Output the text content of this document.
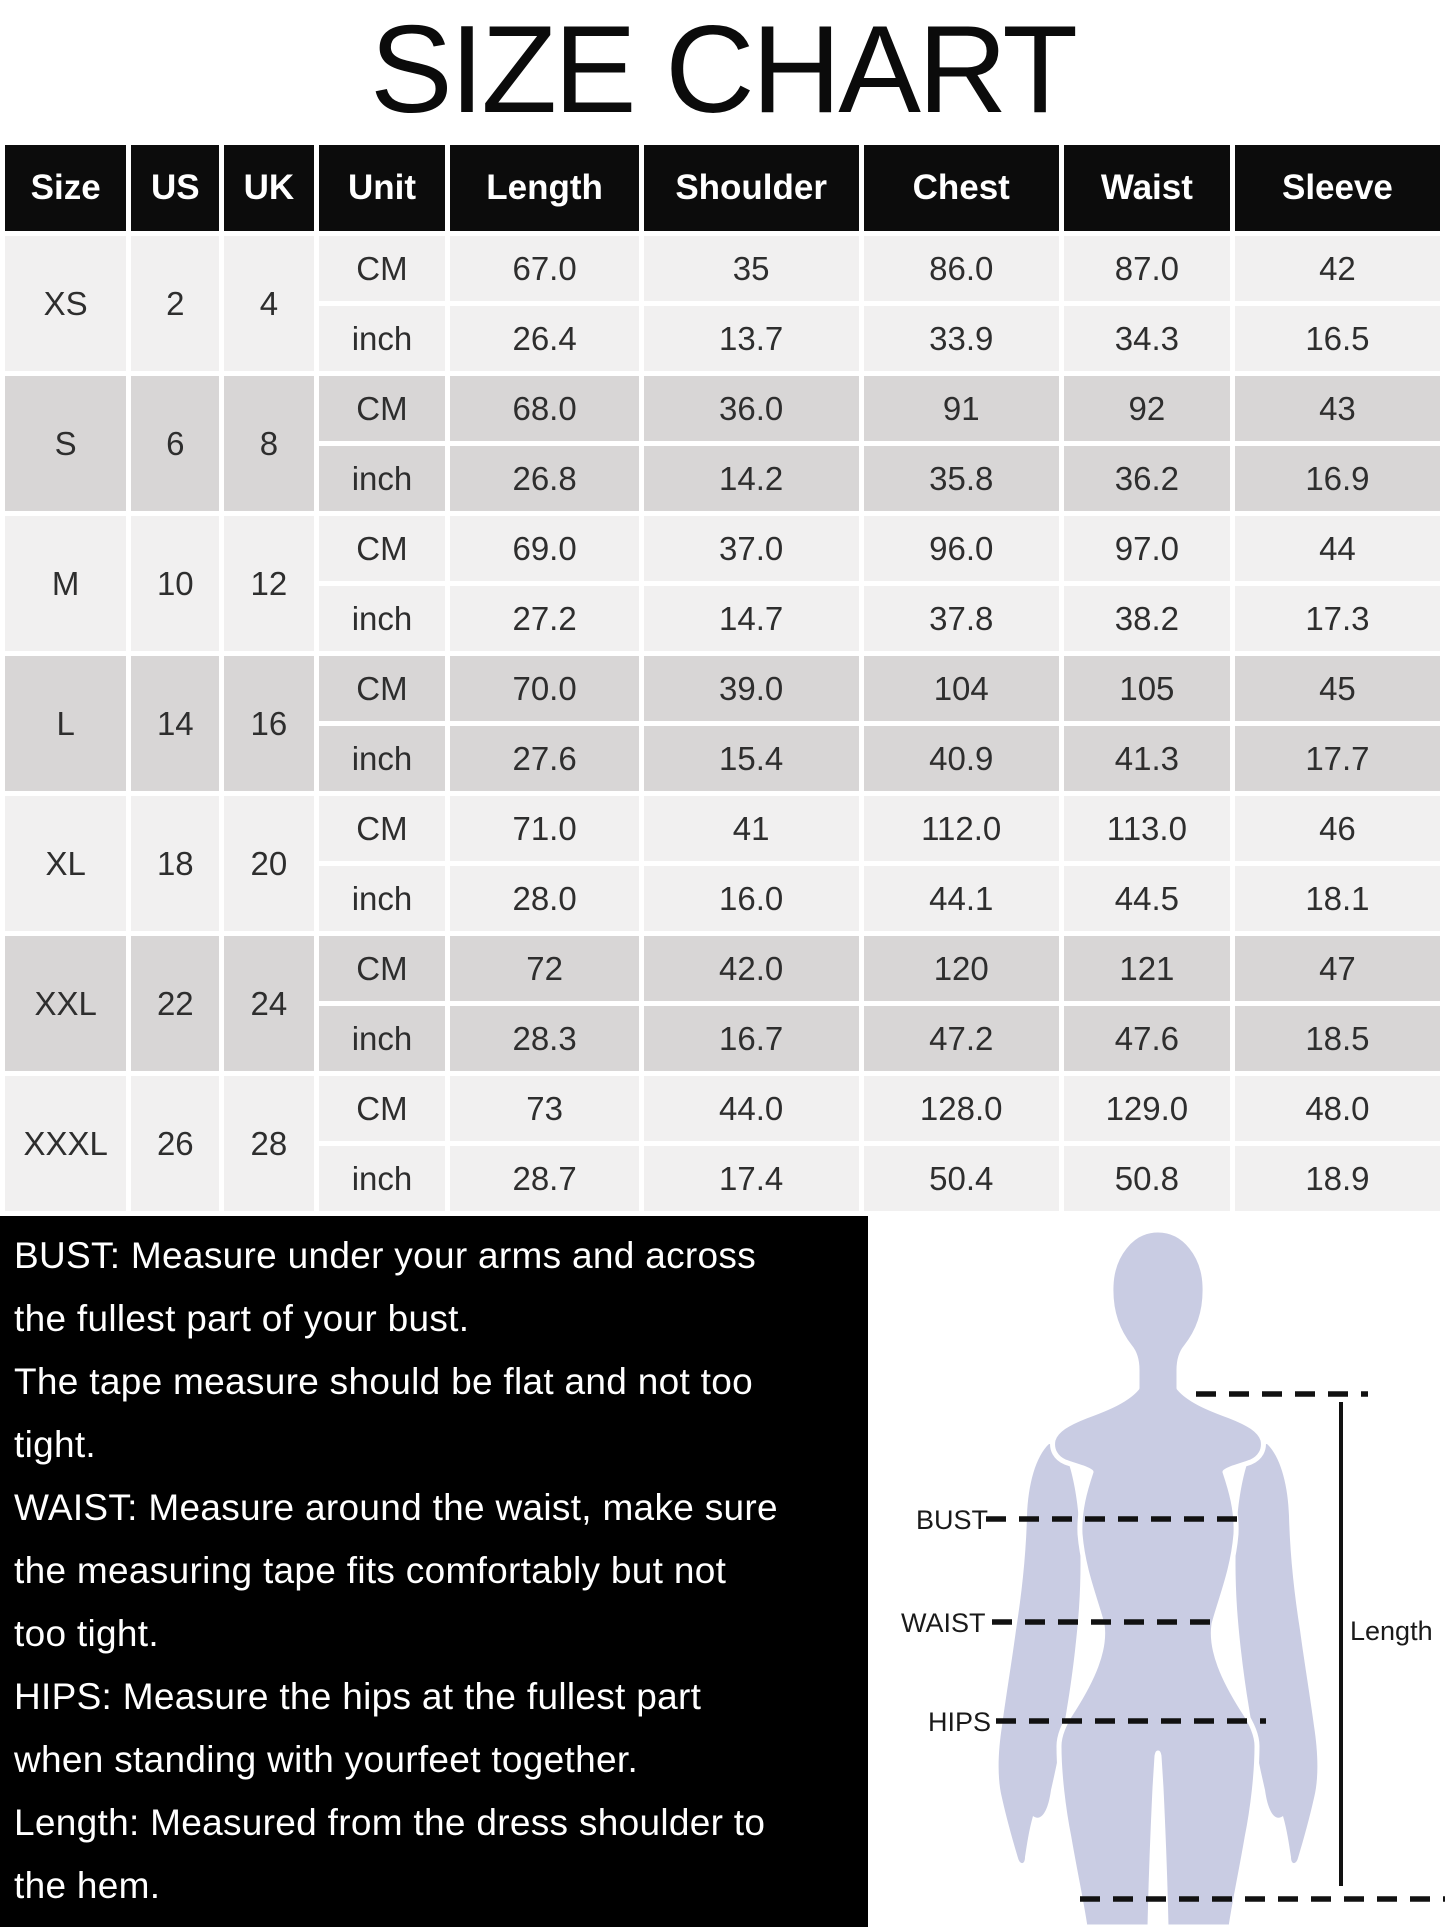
SIZE CHART
Size	US	UK	Unit	Length	Shoulder	Chest	Waist	Sleeve
XS	2	4	CM	67.0	35	86.0	87.0	42
			inch	26.4	13.7	33.9	34.3	16.5
S	6	8	CM	68.0	36.0	91	92	43
			inch	26.8	14.2	35.8	36.2	16.9
M	10	12	CM	69.0	37.0	96.0	97.0	44
			inch	27.2	14.7	37.8	38.2	17.3
L	14	16	CM	70.0	39.0	104	105	45
			inch	27.6	15.4	40.9	41.3	17.7
XL	18	20	CM	71.0	41	112.0	113.0	46
			inch	28.0	16.0	44.1	44.5	18.1
XXL	22	24	CM	72	42.0	120	121	47
			inch	28.3	16.7	47.2	47.6	18.5
XXXL	26	28	CM	73	44.0	128.0	129.0	48.0
			inch	28.7	17.4	50.4	50.8	18.9

BUST: Measure under your arms and across

the fullest part of your bust.

The tape measure should be flat and not too

tight.

WAIST: Measure around the waist, make sure

the measuring tape fits comfortably but not

too tight.

HIPS: Measure the hips at the fullest part

when standing with yourfeet together.

Length: Measured from the dress shoulder to

the hem.

BUST
WAIST
HIPS
Length
